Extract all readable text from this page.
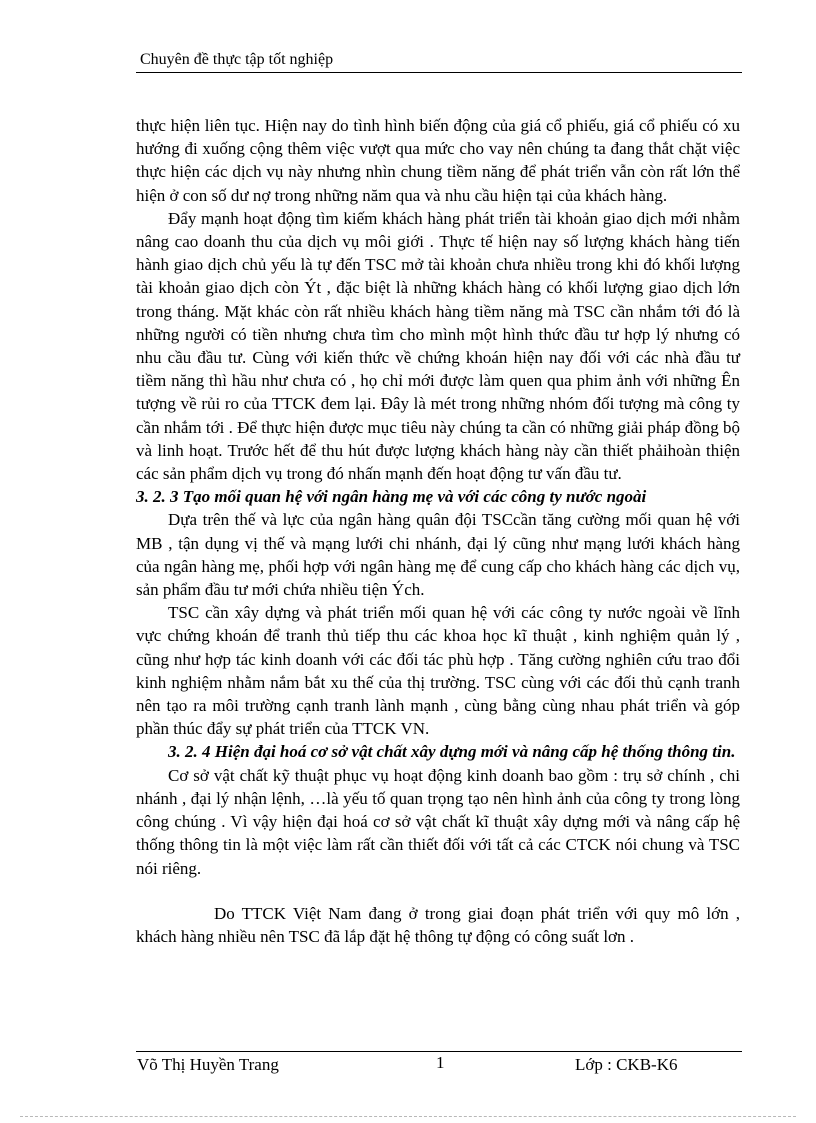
Chuyên đề thực tập tốt nghiệp

thực hiện liên tục. Hiện nay do tình hình biến động của giá cổ phiếu, giá cổ phiếu có xu hướng đi xuống cộng thêm việc vượt qua mức cho vay nên chúng ta đang thắt chặt việc thực hiện các dịch vụ này nhưng nhìn chung tiềm năng để phát triển vẫn còn rất lớn thể hiện ở con số dư nợ trong những năm qua và nhu cầu hiện tại của khách hàng.

Đẩy mạnh hoạt động tìm kiếm khách hàng phát triển tài khoản giao dịch mới nhằm nâng cao doanh thu của dịch vụ môi giới . Thực tế hiện nay số lượng khách hàng tiến hành giao dịch chủ yếu là tự đến TSC mở tài khoản chưa nhiều trong khi đó khối lượng tài khoản giao dịch còn Ýt , đặc biệt là những khách hàng có khối lượng giao dịch lớn trong tháng. Mặt khác còn rất nhiều khách hàng tiềm năng mà TSC cần nhắm tới đó là những người có tiền nhưng chưa tìm cho mình một hình thức đầu tư hợp lý nhưng có nhu cầu đầu tư. Cùng với kiến thức về chứng khoán hiện nay đối với các nhà đầu tư tiềm năng thì hầu như chưa có , họ chỉ mới được làm quen qua phim ảnh với những Ên tượng về rủi ro của TTCK đem lại. Đây là mét trong những nhóm đối tượng mà công ty cần nhắm tới . Để thực hiện được mục tiêu này chúng ta cần có những giải pháp đồng bộ và linh hoạt. Trước hết để thu hút được lượng khách hàng này cần thiết phảihoàn thiện các sản phẩm dịch vụ trong đó nhấn mạnh đến hoạt động tư vấn đầu tư.

3. 2. 3 Tạo mối quan hệ với ngân hàng mẹ và với các công ty nước ngoài

Dựa trên thế và lực của ngân hàng quân đội TSCcần tăng cường mối quan hệ với MB , tận dụng vị thế và mạng lưới chi nhánh, đại lý cũng như mạng lưới khách hàng của ngân hàng mẹ, phối hợp với ngân hàng mẹ để cung cấp cho khách hàng các dịch vụ, sản phẩm đầu tư mới chứa nhiều tiện Ých.

TSC cần xây dựng và phát triển mối quan hệ với các công ty nước ngoài về lĩnh vực chứng khoán để tranh thủ tiếp thu các khoa học kĩ thuật , kinh nghiệm quản lý , cũng như hợp tác kinh doanh với các đối tác phù hợp . Tăng cường nghiên cứu trao đổi kinh nghiệm nhằm nắm bắt xu thế của thị trường. TSC cùng với các đối thủ cạnh tranh nên tạo ra môi trường cạnh tranh lành mạnh , cùng bằng cùng nhau phát triển và góp phần thúc đẩy sự phát triển của TTCK VN.

3. 2. 4 Hiện đại hoá cơ sở vật chất xây dựng mới và nâng cấp hệ thống thông tin.

Cơ sở vật chất kỹ thuật phục vụ hoạt động kinh doanh bao gồm : trụ sở chính , chi nhánh , đại lý nhận lệnh, …là yếu tố quan trọng tạo nên hình ảnh của công ty trong lòng công chúng . Vì vậy hiện đại hoá cơ sở vật chất kĩ thuật xây dựng mới và nâng cấp hệ thống thông tin là một việc làm rất cần thiết đối với tất cả các CTCK nói chung và TSC nói riêng.

Do TTCK Việt Nam đang ở trong giai đoạn phát triển với quy mô lớn , khách hàng nhiều nên TSC đã lắp đặt hệ thông tự động có công suất lơn .

Võ Thị Huyền Trang	1	Lớp : CKB-K6
